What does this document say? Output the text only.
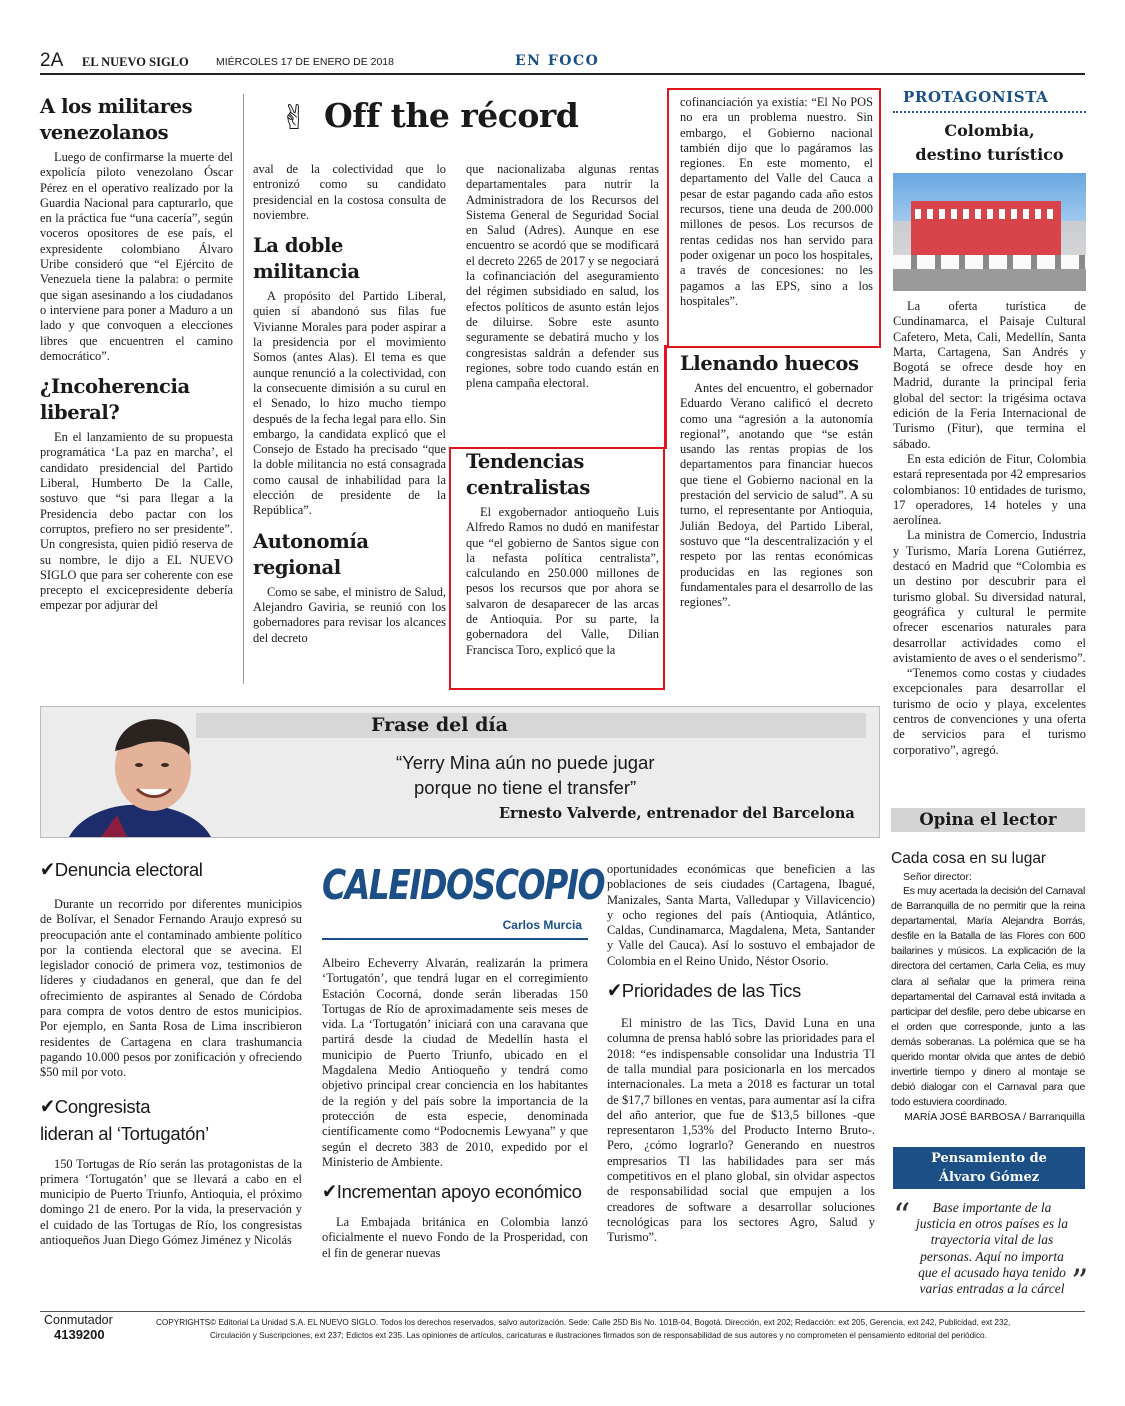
2A EL NUEVO SIGLO	MIÉRCOLES 17 DE ENERO DE 2018	EN FOCO
A los militares venezolanos

Luego de confirmarse la muerte del expolicía piloto venezolano Óscar Pérez en el operativo realizado por la Guardia Nacional para capturarlo, que en la práctica fue “una cacería”, según voceros opositores de ese país, el expresidente colombiano Álvaro Uribe consideró que “el Ejército de Venezuela tiene la palabra: o permite que sigan asesinando a los ciudadanos o interviene para poner a Maduro a un lado y que convoquen a elecciones libres que encuentren el camino democrático”.

¿Incoherencia liberal?

En el lanzamiento de su propuesta programática ‘La paz en marcha’, el candidato presidencial del Partido Liberal, Humberto De la Calle, sostuvo que “si para llegar a la Presidencia debo pactar con los corruptos, prefiero no ser presidente”. Un congresista, quien pidió reserva de su nombre, le dijo a EL NUEVO SIGLO que para ser coherente con ese precepto el excicepresidente debería empezar por adjurar del

✌ Off the récord

aval de la colectividad que lo entronizó como su candidato presidencial en la costosa consulta de noviembre.

La doble militancia

A propósito del Partido Liberal, quien sí abandonó sus filas fue Vivianne Morales para poder aspirar a la presidencia por el movimiento Somos (antes Alas). El tema es que aunque renunció a la colectividad, con la consecuente dimisión a su curul en el Senado, lo hizo mucho tiempo después de la fecha legal para ello. Sin embargo, la candidata explicó que el Consejo de Estado ha precisado “que la doble militancia no está consagrada como causal de inhabilidad para la elección de presidente de la República”.

Autonomía regional

Como se sabe, el ministro de Salud, Alejandro Gaviria, se reunió con los gobernadores para revisar los alcances del decreto

que nacionalizaba algunas rentas departamentales para nutrir la Administradora de los Recursos del Sistema General de Seguridad Social en Salud (Adres). Aunque en ese encuentro se acordó que se modificará el decreto 2265 de 2017 y se negociará la cofinanciación del aseguramiento del régimen subsidiado en salud, los efectos políticos de asunto están lejos de diluirse. Sobre este asunto seguramente se debatirá mucho y los congresistas saldrán a defender sus regiones, sobre todo cuando están en plena campaña electoral.

Tendencias centralistas

El exgobernador antioqueño Luis Alfredo Ramos no dudó en manifestar que “el gobierno de Santos sigue con la nefasta política centralista”, calculando en 250.000 millones de pesos los recursos que por ahora se salvaron de desaparecer de las arcas de Antioquia. Por su parte, la gobernadora del Valle, Dilian Francisca Toro, explicó que la

cofinanciación ya existía: “El No POS no era un problema nuestro. Sin embargo, el Gobierno nacional también dijo que lo pagáramos las regiones. En este momento, el departamento del Valle del Cauca a pesar de estar pagando cada año estos recursos, tiene una deuda de 200.000 millones de pesos. Los recursos de rentas cedidas nos han servido para poder oxigenar un poco los hospitales, a través de concesiones: no les pagamos a las EPS, sino a los hospitales”.

Llenando huecos

Antes del encuentro, el gobernador Eduardo Verano calificó el decreto como una “agresión a la autonomía regional”, anotando que “se están usando las rentas propias de los departamentos para financiar huecos que tiene el Gobierno nacional en la prestación del servicio de salud”. A su turno, el representante por Antioquia, Julián Bedoya, del Partido Liberal, sostuvo que “la descentralización y el respeto por las rentas económicas producidas en las regiones son fundamentales para el desarrollo de las regiones”.

PROTAGONISTA
Colombia, destino turístico

La oferta turística de Cundinamarca, el Paisaje Cultural Cafetero, Meta, Cali, Medellín, Santa Marta, Cartagena, San Andrés y Bogotá se ofrece desde hoy en Madrid, durante la principal feria global del sector: la trigésima octava edición de la Feria Internacional de Turismo (Fitur), que termina el sábado.

En esta edición de Fitur, Colombia estará representada por 42 empresarios colombianos: 10 entidades de turismo, 17 operadores, 14 hoteles y una aerolínea.

La ministra de Comercio, Industria y Turismo, María Lorena Gutiérrez, destacó en Madrid que “Colombia es un destino por descubrir para el turismo global. Su diversidad natural, geográfica y cultural le permite ofrecer escenarios naturales para desarrollar actividades como el avistamiento de aves o el senderismo”.

“Tenemos como costas y ciudades excepcionales para desarrollar el turismo de ocio y playa, excelentes centros de convenciones y una oferta de servicios para el turismo corporativo”, agregó.

Frase del día
“Yerry Mina aún no puede jugar
porque no tiene el transfer”
Ernesto Valverde, entrenador del Barcelona	Opina el lector
Cada cosa en su lugar
Señor director:
Es muy acertada la decisión del Carnaval de Barranquilla de no permitir que la reina departamental, María Alejandra Borrás, desfile en la Batalla de las Flores con 600 bailarines y músicos. La explicación de la directora del certamen, Carla Celia, es muy clara al señalar que la primera reina departamental del Carnaval está invitada a participar del desfile, pero debe ubicarse en el orden que corresponde, junto a las demás soberanas. La polémica que se ha querido montar olvida que antes de debió invertirle tiempo y dinero al montaje se debió dialogar con el Carnaval para que todo estuviera coordinado.
MARÍA JOSÉ BARBOSA / Barranquilla
Pensamiento de
Álvaro Gómez
“	Base importante de la justicia en otros países es la trayectoria vital de las personas. Aquí no importa que el acusado haya tenido varias entradas a la cárcel ”
✔Denuncia electoral

Durante un recorrido por diferentes municipios de Bolívar, el Senador Fernando Araujo expresó su preocupación ante el contaminado ambiente político por la contienda electoral que se avecina. El legislador conoció de primera voz, testimonios de líderes y ciudadanos en general, que dan fe del ofrecimiento de aspirantes al Senado de Córdoba para compra de votos dentro de estos municipios. Por ejemplo, en Santa Rosa de Lima inscribieron residentes de Cartagena en clara trashumancia pagando 10.000 pesos por zonificación y ofreciendo $50 mil por voto.

✔Congresista
lideran al ‘Tortugatón’

150 Tortugas de Río serán las protagonistas de la primera ‘Tortugatón’ que se llevará a cabo en el municipio de Puerto Triunfo, Antioquia, el próximo domingo 21 de enero. Por la vida, la preservación y el cuidado de las Tortugas de Río, los congresistas antioqueños Juan Diego Gómez Jiménez y Nicolás

CALEIDOSCOPIO
Carlos Murcia

Albeiro Echeverry Alvarán, realizarán la primera ‘Tortugatón’, que tendrá lugar en el corregimiento Estación Cocorná, donde serán liberadas 150 Tortugas de Río de aproximadamente seis meses de vida. La ‘Tortugatón’ iniciará con una caravana que partirá desde la ciudad de Medellín hasta el municipio de Puerto Triunfo, ubicado en el Magdalena Medio Antioqueño y tendrá como objetivo principal crear conciencia en los habitantes de la región y del país sobre la importancia de la protección de esta especie, denominada científicamente como “Podocnemis Lewyana” y que según el decreto 383 de 2010, expedido por el Ministerio de Ambiente.

✔Incrementan apoyo económico

La Embajada británica en Colombia lanzó oficialmente el nuevo Fondo de la Prosperidad, con el fin de generar nuevas

oportunidades económicas que beneficien a las poblaciones de seis ciudades (Cartagena, Ibagué, Manizales, Santa Marta, Valledupar y Villavicencio) y ocho regiones del país (Antioquia, Atlántico, Caldas, Cundinamarca, Magdalena, Meta, Santander y Valle del Cauca). Así lo sostuvo el embajador de Colombia en el Reino Unido, Néstor Osorio.

✔Prioridades de las Tics

El ministro de las Tics, David Luna en una columna de prensa habló sobre las prioridades para el 2018: “es indispensable consolidar una Industria TI de talla mundial para posicionarla en los mercados internacionales. La meta a 2018 es facturar un total de $17,7 billones en ventas, para aumentar así la cifra del año anterior, que fue de $13,5 billones -que representaron 1,53% del Producto Interno Bruto-. Pero, ¿cómo lograrlo? Generando en nuestros empresarios TI las habilidades para ser más competitivos en el plano global, sin olvidar aspectos de responsabilidad social que empujen a los creadores de software a desarrollar soluciones tecnológicas para los sectores Agro, Salud y Turismo”.

Conmutador
4139200
COPYRIGHTS© Editorial La Unidad S.A. EL NUEVO SIGLO. Todos los derechos reservados, salvo autorización. Sede: Calle 25D Bis No. 101B-04, Bogotá. Dirección, ext 202; Redacción: ext 205, Gerencia, ext 242, Publicidad, ext 232,
Circulación y Suscripciones, ext 237; Edictos ext 235. Las opiniones de artículos, caricaturas e ilustraciones firmados son de responsabilidad de sus autores y no comprometen el pensamiento editorial del periódico.
